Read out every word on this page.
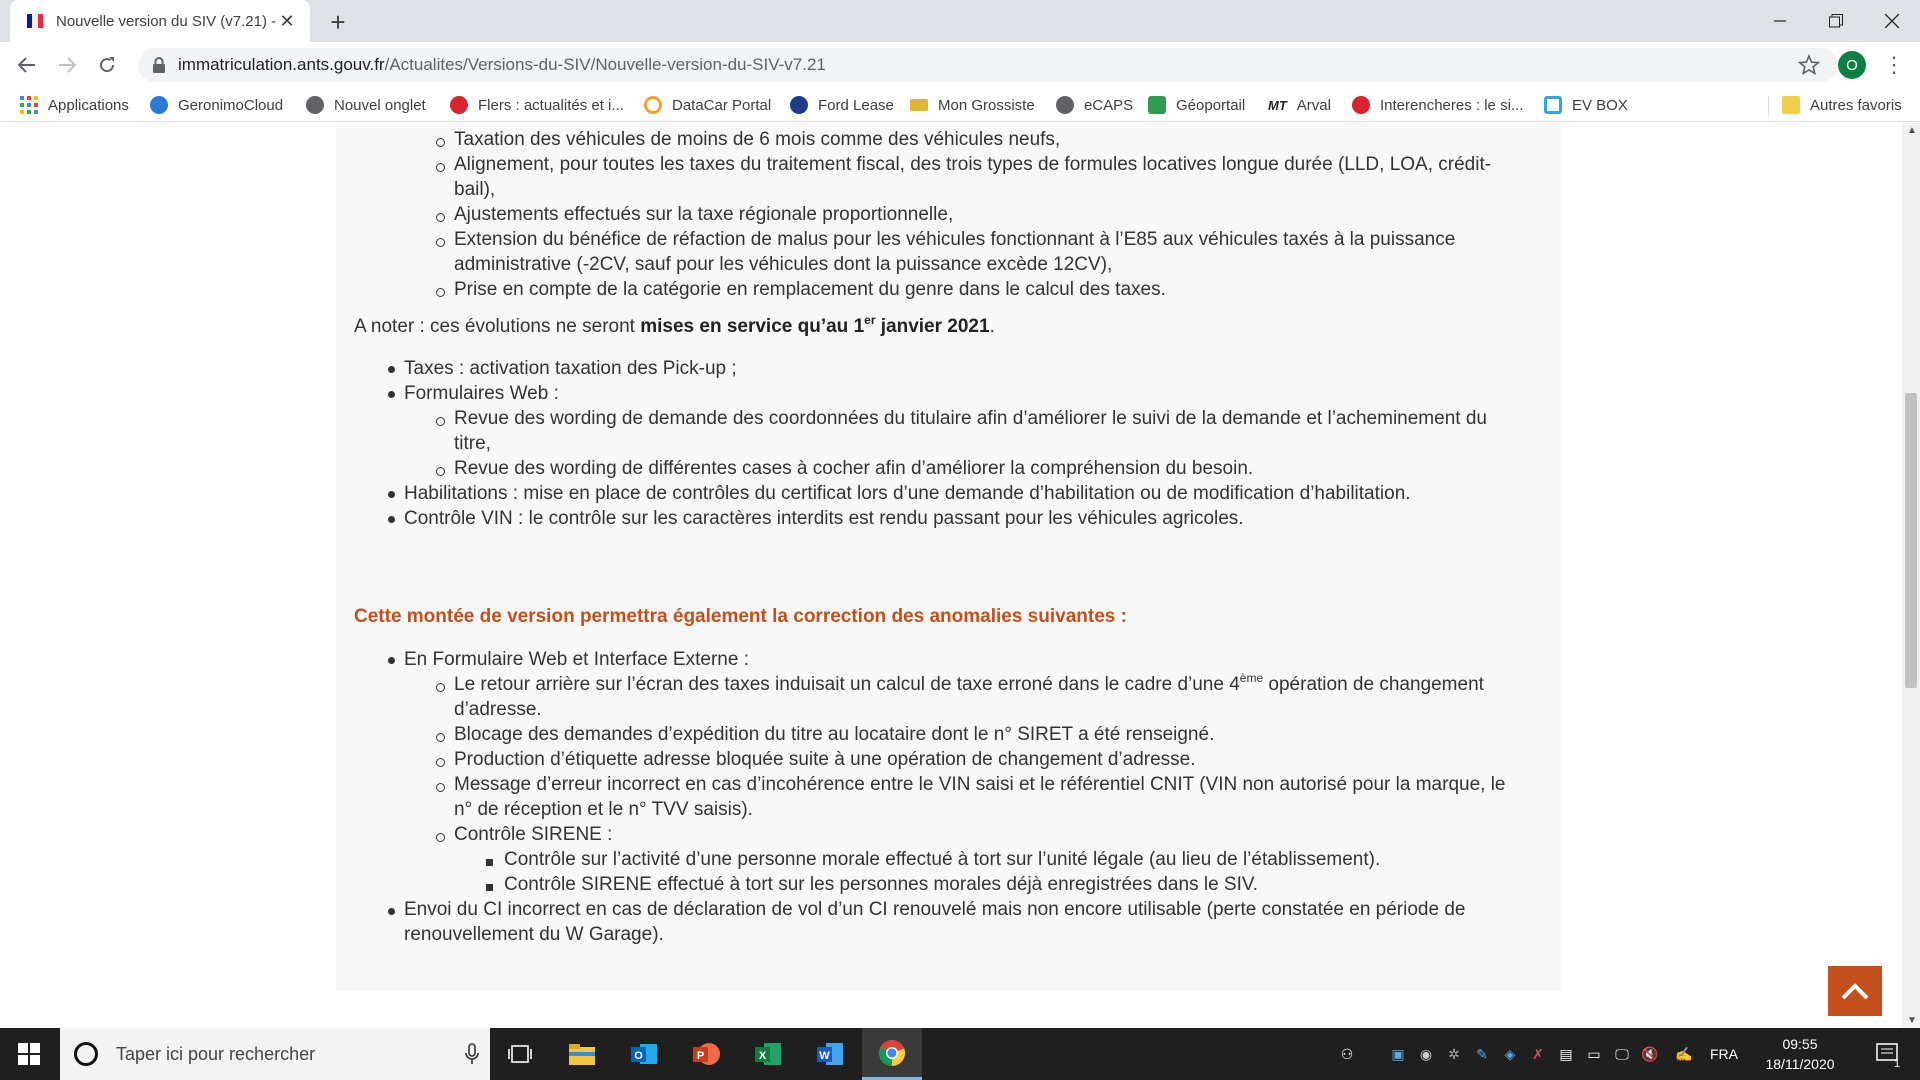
Nouvelle version du SIV (v7.21) - ✕ +
immatriculation.ants.gouv.fr/Actualites/Versions-du-SIV/Nouvelle-version-du-SIV-v7.21	O	⋮
Applications	GeronimoCloud	Nouvel onglet	Flers : actualités et i...	DataCar Portal	Ford Lease	Mon Grossiste	eCAPS	Géoportail MT Arval	Interencheres : le si...	EV BOX	Autres favoris
Taxation des véhicules de moins de 6 mois comme des véhicules neufs,
Alignement, pour toutes les taxes du traitement fiscal, des trois types de formules locatives longue durée (LLD, LOA, crédit-
bail),
Ajustements effectués sur la taxe régionale proportionnelle,
Extension du bénéfice de réfaction de malus pour les véhicules fonctionnant à l’E85 aux véhicules taxés à la puissance
administrative (-2CV, sauf pour les véhicules dont la puissance excède 12CV),
Prise en compte de la catégorie en remplacement du genre dans le calcul des taxes.
A noter : ces évolutions ne seront mises en service qu’au 1er janvier 2021.
Taxes : activation taxation des Pick-up ;
Formulaires Web :
Revue des wording de demande des coordonnées du titulaire afin d’améliorer le suivi de la demande et l’acheminement du
titre,
Revue des wording de différentes cases à cocher afin d’améliorer la compréhension du besoin.
Habilitations : mise en place de contrôles du certificat lors d’une demande d’habilitation ou de modification d’habilitation.
Contrôle VIN : le contrôle sur les caractères interdits est rendu passant pour les véhicules agricoles.
Cette montée de version permettra également la correction des anomalies suivantes :
En Formulaire Web et Interface Externe :
Le retour arrière sur l’écran des taxes induisait un calcul de taxe erroné dans le cadre d’une 4ème opération de changement
d’adresse.
Blocage des demandes d’expédition du titre au locataire dont le n° SIRET a été renseigné.
Production d’étiquette adresse bloquée suite à une opération de changement d’adresse.
Message d’erreur incorrect en cas d’incohérence entre le VIN saisi et le référentiel CNIT (VIN non autorisé pour la marque, le
n° de réception et le n° TVV saisis).
Contrôle SIRENE :
Contrôle sur l’activité d’une personne morale effectué à tort sur l’unité légale (au lieu de l’établissement).
Contrôle SIRENE effectué à tort sur les personnes morales déjà enregistrées dans le SIV.
Envoi du CI incorrect en cas de déclaration de vol d’un CI renouvelé mais non encore utilisable (perte constatée en période de
renouvellement du W Garage).
▲
▼
Taper ici pour rechercher	O	P	X	W	⚇	▣	◉	✲	✎	◈	✗	▤	▭	🖵 🔇	✍	FRA
09:55
18/11/2020	1
